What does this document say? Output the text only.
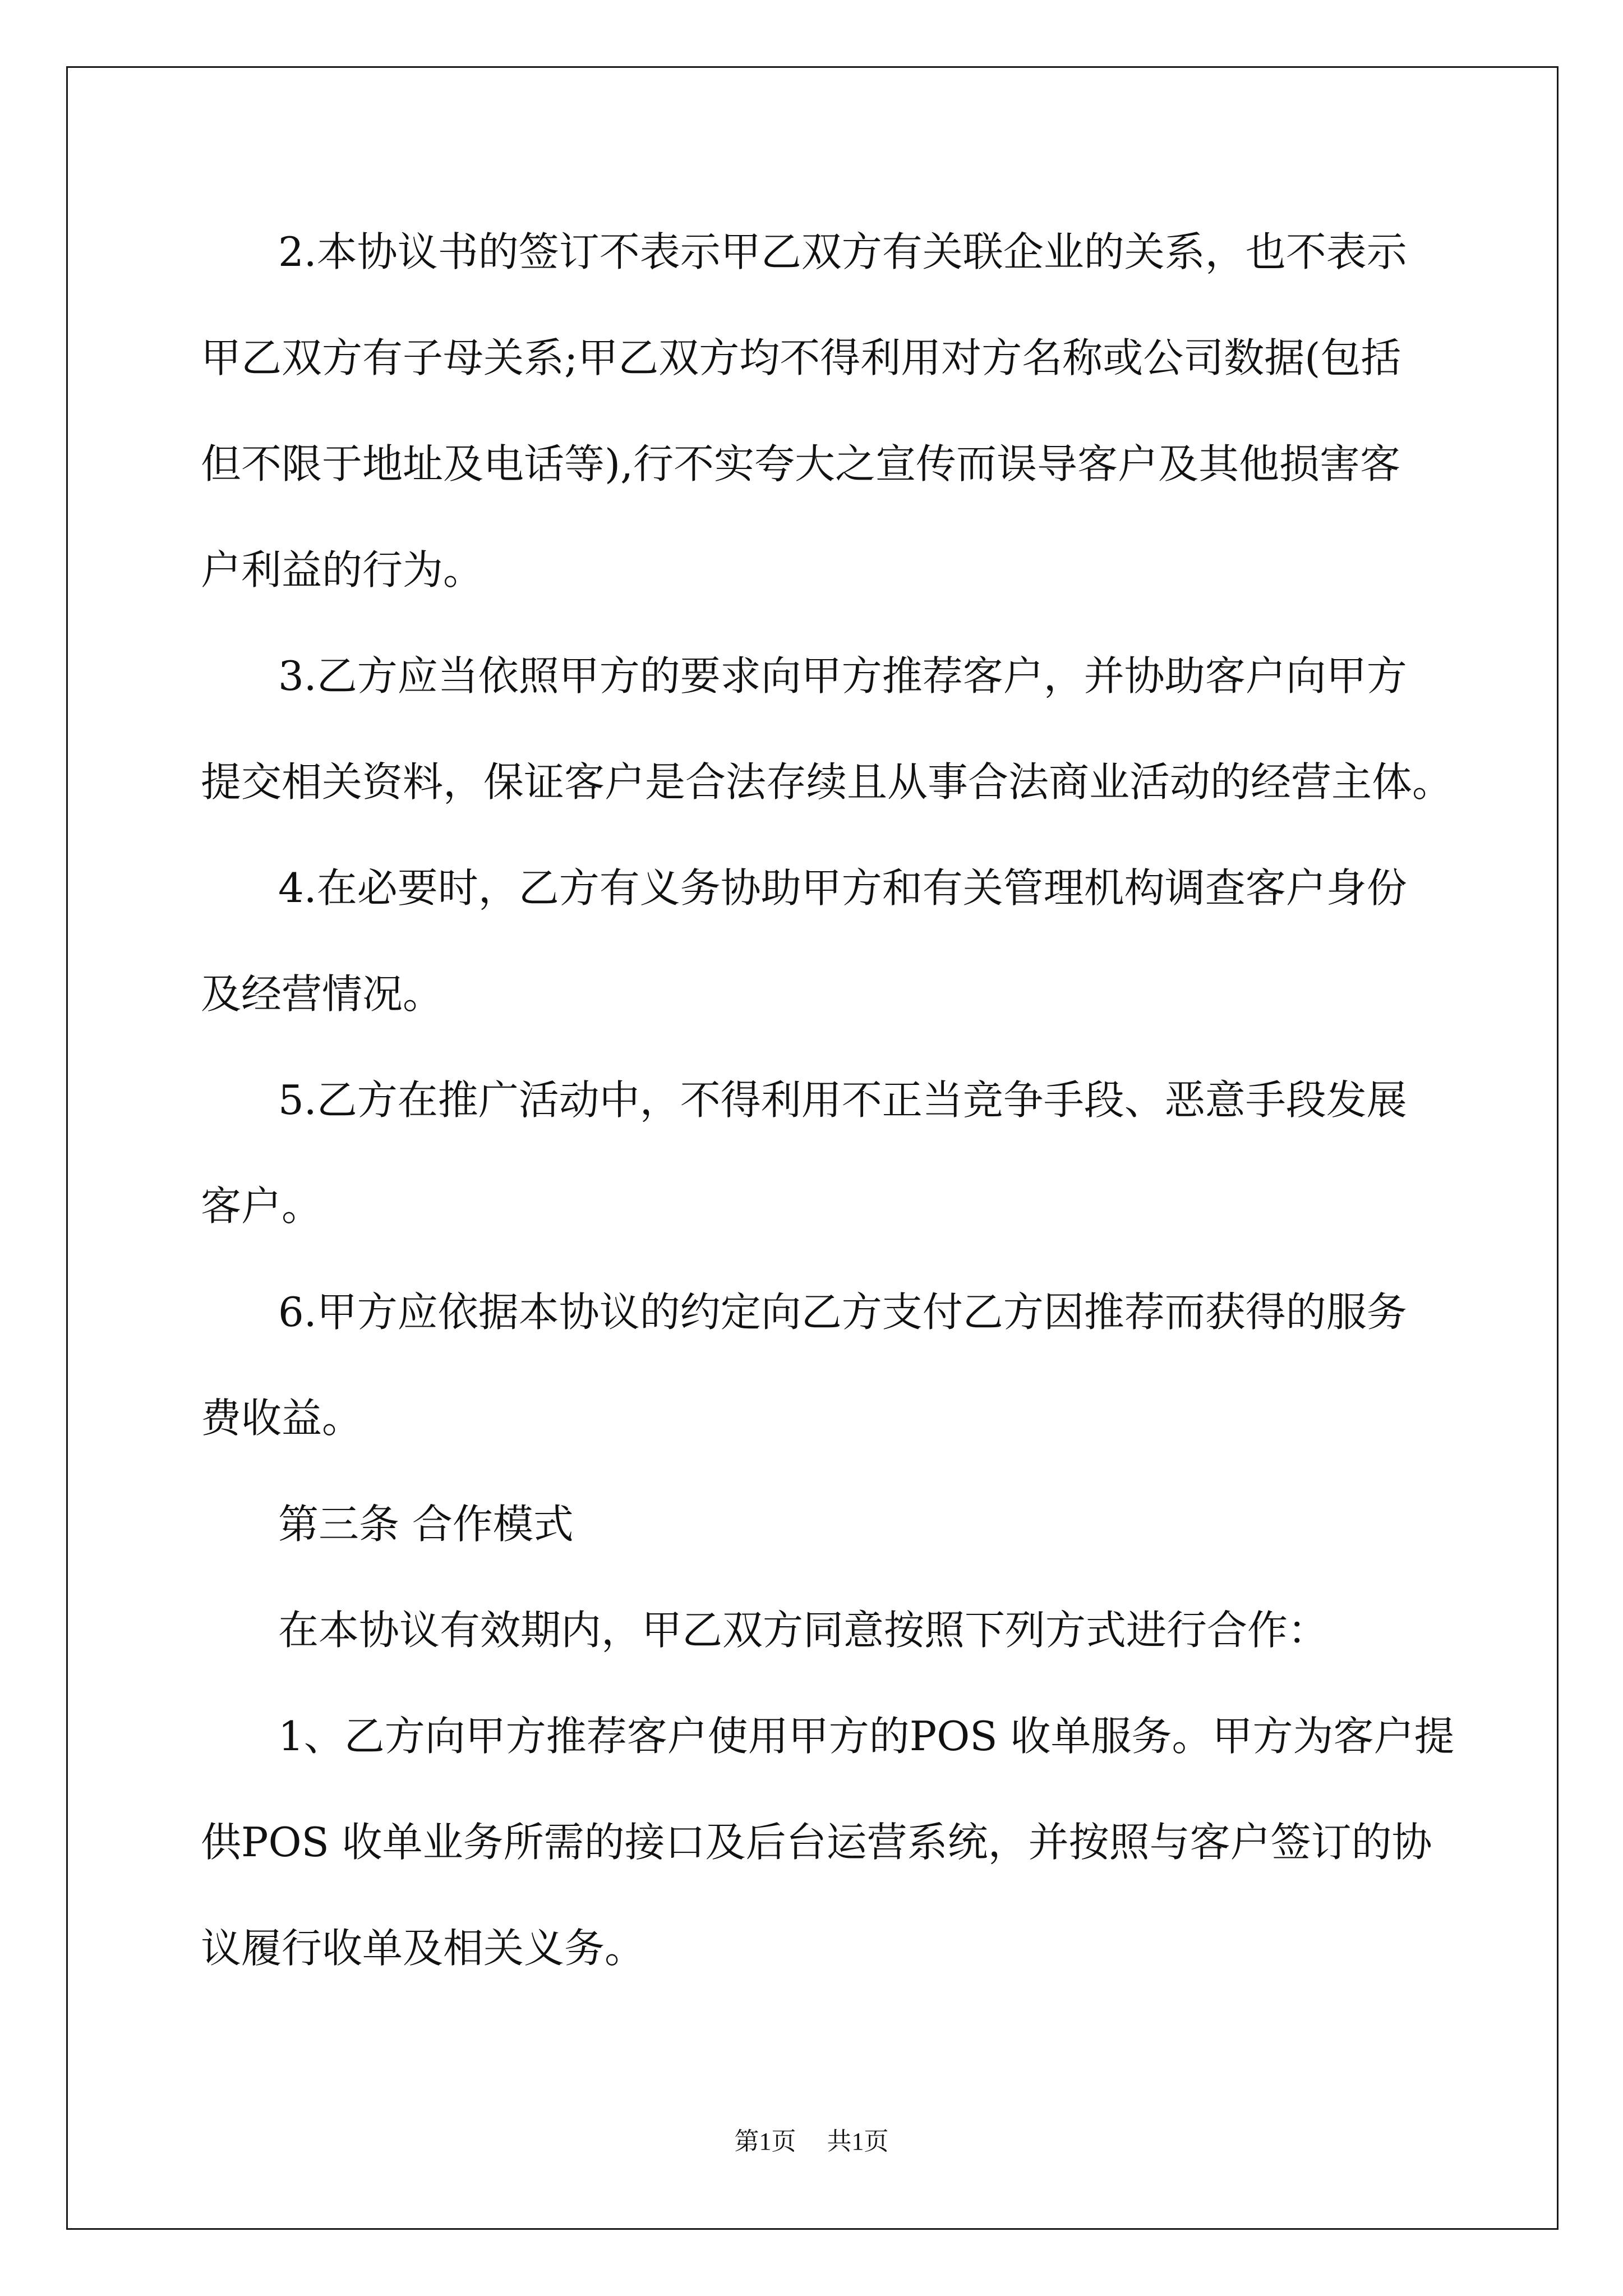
2.本协议书的签订不表示甲乙双方有关联企业的关系，也不表示
甲乙双方有子母关系;甲乙双方均不得利用对方名称或公司数据(包括
但不限于地址及电话等),行不实夸大之宣传而误导客户及其他损害客
户利益的行为。
3.乙方应当依照甲方的要求向甲方推荐客户，并协助客户向甲方
提交相关资料，保证客户是合法存续且从事合法商业活动的经营主体。
4.在必要时，乙方有义务协助甲方和有关管理机构调查客户身份
及经营情况。
5.乙方在推广活动中，不得利用不正当竞争手段、恶意手段发展
客户。
6.甲方应依据本协议的约定向乙方支付乙方因推荐而获得的服务
费收益。
第三条 合作模式
在本协议有效期内，甲乙双方同意按照下列方式进行合作：
1、乙方向甲方推荐客户使用甲方的POS 收单服务。甲方为客户提
供POS 收单业务所需的接口及后台运营系统，并按照与客户签订的协
议履行收单及相关义务。
第1页 共1页
